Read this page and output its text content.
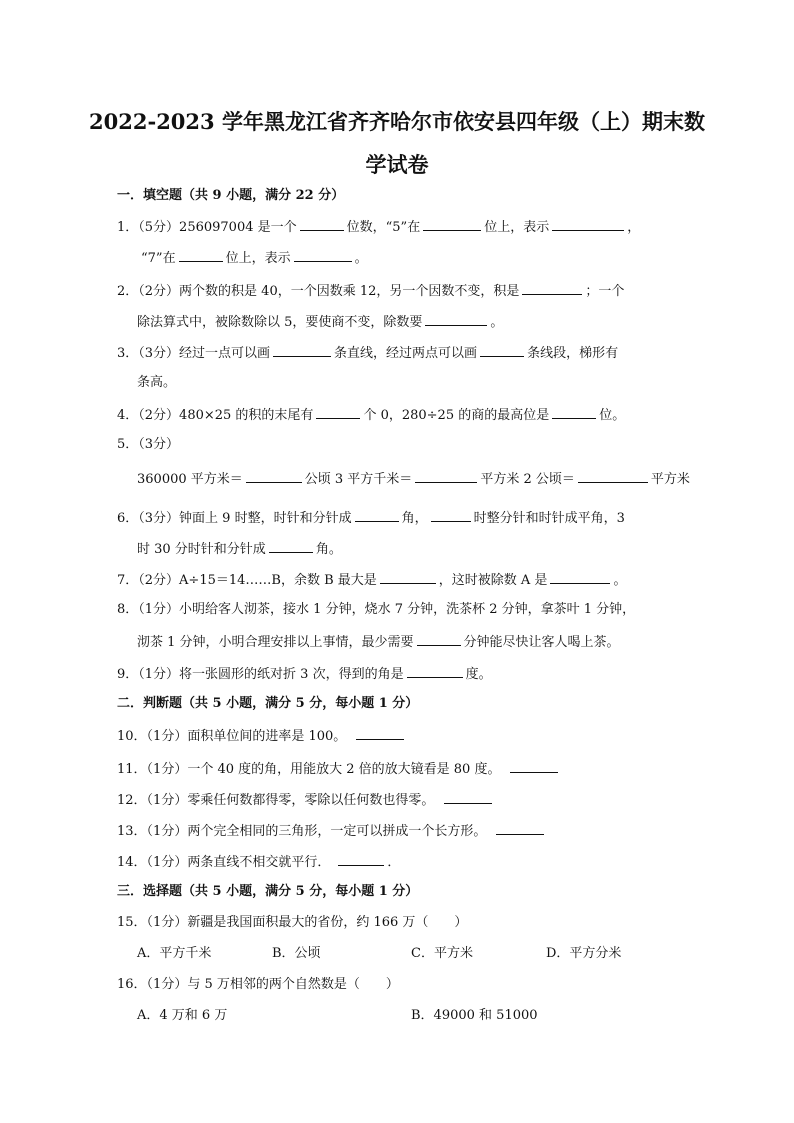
2022-2023 学年黑龙江省齐齐哈尔市依安县四年级（上）期末数
学试卷
一．填空题（共 9 小题，满分 22 分）
1．（5分）256097004 是一个	位数，“5”在	位上，表示	，
“7”在	位上，表示	。
2．（2分）两个数的积是 40，一个因数乘 12，另一个因数不变，积是	；一个
除法算式中，被除数除以 5，要使商不变，除数要	。
3．（3分）经过一点可以画	条直线，经过两点可以画	条线段，梯形有
条高。
4．（2分）480×25 的积的末尾有	个 0，280÷25 的商的最高位是	位。
5．（3分）
360000 平方米＝	公顷 3 平方千米＝	平方米 2 公顷＝	平方米
6．（3分）钟面上 9 时整，时针和分针成	角，	时整分针和时针成平角，3
时 30 分时针和分针成	角。
7．（2分）A÷15＝14……B，余数 B 最大是	，这时被除数 A 是	。
8．（1分）小明给客人沏茶，接水 1 分钟，烧水 7 分钟，洗茶杯 2 分钟，拿茶叶 1 分钟，
沏茶 1 分钟，小明合理安排以上事情，最少需要	分钟能尽快让客人喝上茶。
9．（1分）将一张圆形的纸对折 3 次，得到的角是	度。
二．判断题（共 5 小题，满分 5 分，每小题 1 分）
10．（1分）面积单位间的进率是 100。
11．（1分）一个 40 度的角，用能放大 2 倍的放大镜看是 80 度。
12．（1分）零乘任何数都得零，零除以任何数也得零。
13．（1分）两个完全相同的三角形，一定可以拼成一个长方形。
14．（1分）两条直线不相交就平行．	．
三．选择题（共 5 小题，满分 5 分，每小题 1 分）
15．（1分）新疆是我国面积最大的省份，约 166 万（　　）
A．平方千米	B．公顷	C．平方米	D．平方分米
16．（1分）与 5 万相邻的两个自然数是（　　）
A．4 万和 6 万	B．49000 和 51000
